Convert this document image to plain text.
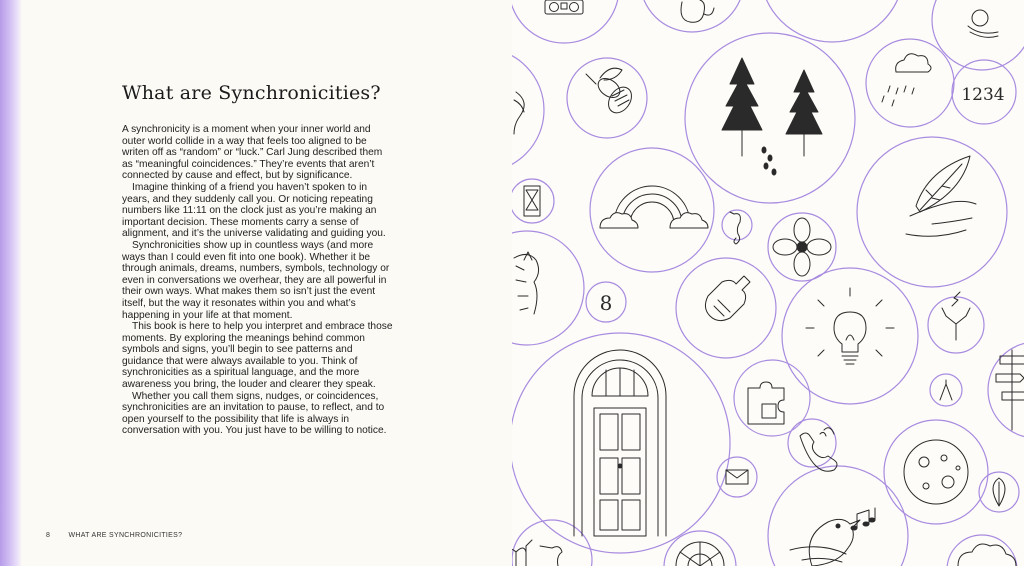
What are Synchronicities?

A synchronicity is a moment when your inner world and outer world collide in a way that feels too aligned to be writen off as “random” or “luck.” Carl Jung described them as “meaningful coincidences.” They’re events that aren’t connected by cause and effect, but by significance.

Imagine thinking of a friend you haven’t spoken to in years, and they suddenly call you. Or noticing repeating numbers like 11:11 on the clock just as you’re making an important decision. These moments carry a sense of alignment, and it’s the universe validating and guiding you.

Synchronicities show up in countless ways (and more ways than I could even fit into one book). Whether it be through animals, dreams, numbers, symbols, technology or even in conversations we overhear, they are all powerful in their own ways. What makes them so isn’t just the event itself, but the way it resonates within you and what’s happening in your life at that moment.

This book is here to help you interpret and embrace those moments. By exploring the meanings behind common symbols and signs, you’ll begin to see patterns and guidance that were always available to you. Think of synchronicities as a spiritual language, and the more awareness you bring, the louder and clearer they speak.

Whether you call them signs, nudges, or coincidences, synchronicities are an invitation to pause, to reflect, and to open yourself to the possibility that life is always in conversation with you. You just have to be willing to notice.

8	WHAT ARE SYNCHRONICITIES?
1234
8
